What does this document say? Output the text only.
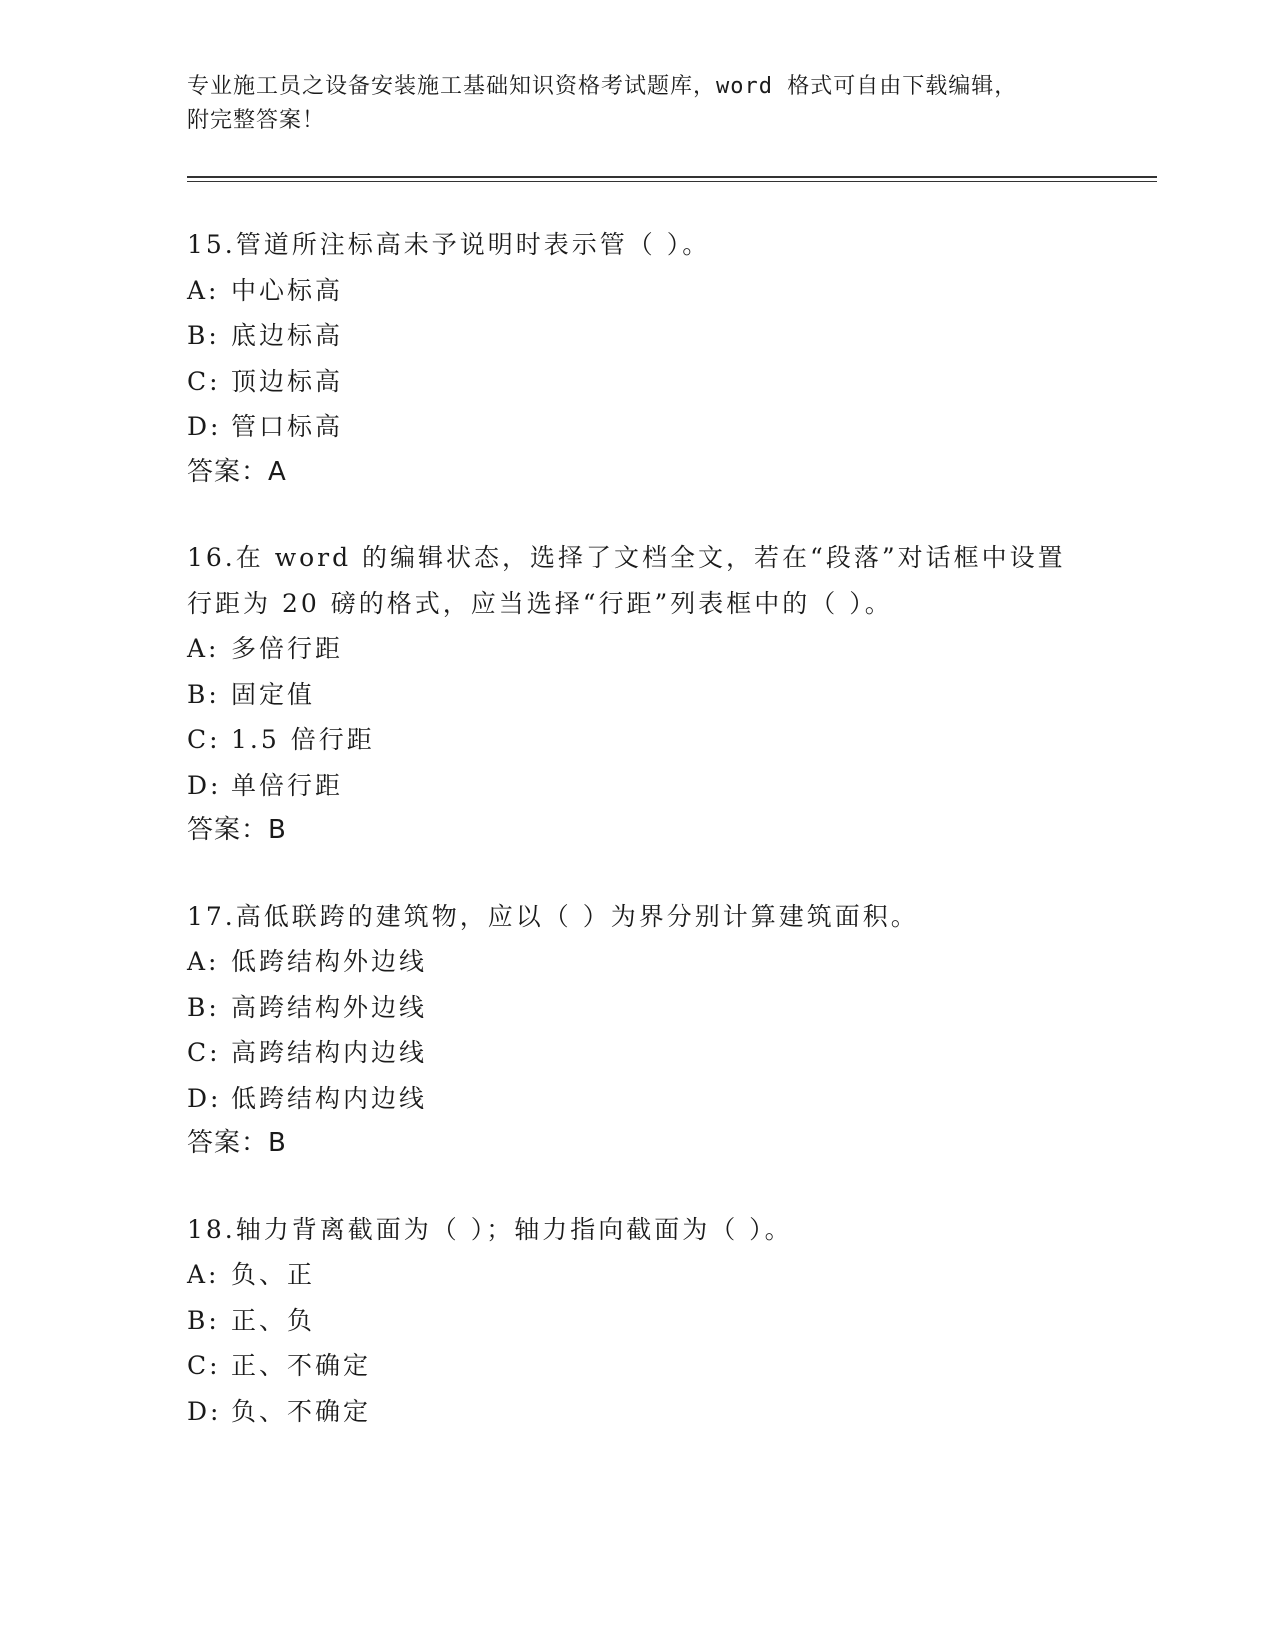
专业施工员之设备安装施工基础知识资格考试题库，word 格式可自由下载编辑，
附完整答案！

15.管道所注标高未予说明时表示管（ ）。

A: 中心标高

B: 底边标高

C: 顶边标高

D: 管口标高

答案：A

16.在 word 的编辑状态，选择了文档全文，若在“段落”对话框中设置行距为 20 磅的格式，应当选择“行距”列表框中的（ ）。

A: 多倍行距

B: 固定值

C: 1.5 倍行距

D: 单倍行距

答案：B

17.高低联跨的建筑物，应以（ ）为界分别计算建筑面积。

A: 低跨结构外边线

B: 高跨结构外边线

C: 高跨结构内边线

D: 低跨结构内边线

答案：B

18.轴力背离截面为（ ）；轴力指向截面为（ ）。

A: 负、正

B: 正、负

C: 正、不确定

D: 负、不确定
